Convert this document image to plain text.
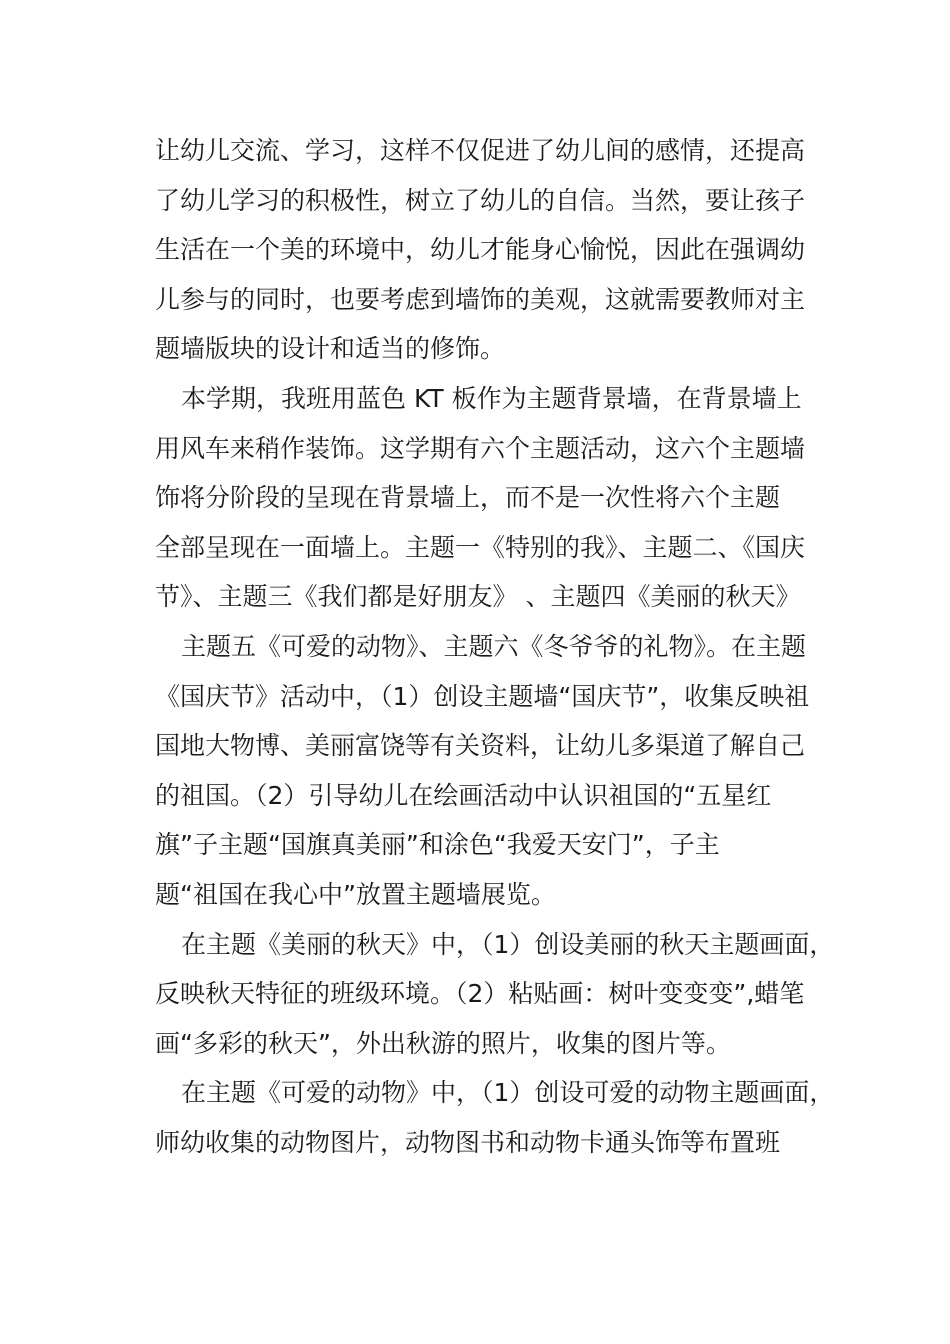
让幼儿交流、学习，这样不仅促进了幼儿间的感情，还提高
了幼儿学习的积极性，树立了幼儿的自信。当然，要让孩子
生活在一个美的环境中，幼儿才能身心愉悦，因此在强调幼
儿参与的同时，也要考虑到墙饰的美观，这就需要教师对主
题墙版块的设计和适当的修饰。
本学期，我班用蓝色 KT 板作为主题背景墙，在背景墙上
用风车来稍作装饰。这学期有六个主题活动，这六个主题墙
饰将分阶段的呈现在背景墙上，而不是一次性将六个主题
全部呈现在一面墙上。主题一《特别的我》、主题二、《国庆
节》、主题三《我们都是好朋友》 、主题四《美丽的秋天》
主题五《可爱的动物》、主题六《冬爷爷的礼物》。在主题
《国庆节》活动中，（1）创设主题墙“国庆节”，收集反映祖
国地大物博、美丽富饶等有关资料，让幼儿多渠道了解自己
的祖国。（2）引导幼儿在绘画活动中认识祖国的“五星红
旗”子主题“国旗真美丽”和涂色“我爱天安门”，子主
题“祖国在我心中”放置主题墙展览。
在主题《美丽的秋天》中，（1）创设美丽的秋天主题画面，
反映秋天特征的班级环境。（2）粘贴画：树叶变变变”,蜡笔
画“多彩的秋天”，外出秋游的照片，收集的图片等。
在主题《可爱的动物》中，（1）创设可爱的动物主题画面，
师幼收集的动物图片，动物图书和动物卡通头饰等布置班
